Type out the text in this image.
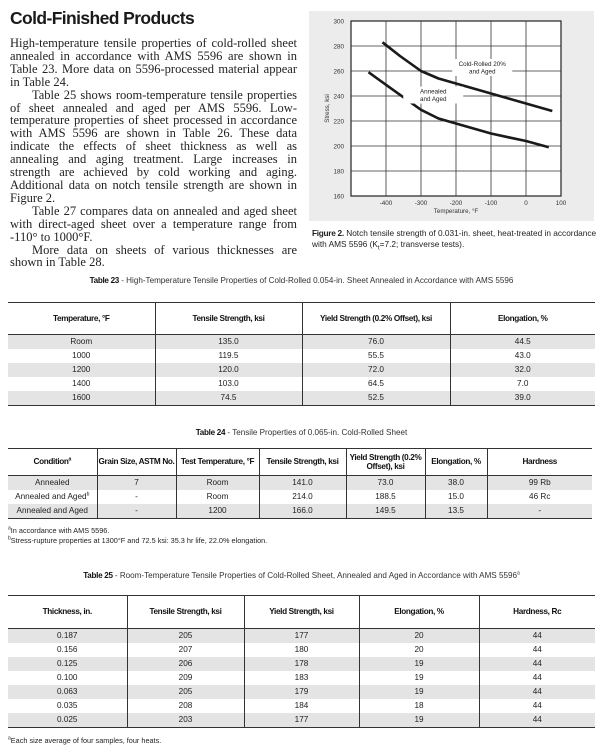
Cold-Finished Products

High-temperature tensile properties of cold-rolled sheet annealed in accordance with AMS 5596 are shown in Table 23. More data on 5596-processed material appear in Table 24.

Table 25 shows room-temperature tensile properties of sheet annealed and aged per AMS 5596. Low-temperature properties of sheet processed in accordance with AMS 5596 are shown in Table 26. These data indicate the effects of sheet thickness as well as annealing and aging treatment. Large increases in strength are achieved by cold working and aging. Additional data on notch tensile strength are shown in Figure 2.

Table 27 compares data on annealed and aged sheet with direct-aged sheet over a temperature range from -110° to 1000°F.

More data on sheets of various thicknesses are shown in Table 28.

160
180
200
220
240
260
280
300
-400	-300	-200	-100	0	100
Temperature, °F
Stress, ksi
Cold-Rolled 20%
and Aged
Annealed
and Aged
Figure 2. Notch tensile strength of 0.031-in. sheet, heat-treated in accordance with AMS 5596 ($K_t=7.2$; transverse tests).
Table 23 - High-Temperature Tensile Properties of Cold-Rolled 0.054-in. Sheet Annealed in Accordance with AMS 5596
Temperature, °F	Tensile Strength, ksi	Yield Strength (0.2% Offset), ksi	Elongation, %
Room	135.0	76.0	44.5
1000	119.5	55.5	43.0
1200	120.0	72.0	32.0
1400	103.0	64.5	7.0
1600	74.5	52.5	39.0
Table 24 - Tensile Properties of 0.065-in. Cold-Rolled Sheet
Condition$^a$	Grain Size, ASTM No.	Test Temperature, °F	Tensile Strength, ksi	Yield Strength (0.2% Offset), ksi	Elongation, %	Hardness
Annealed	7	Room	141.0	73.0	38.0	99 Rb
Annealed and Aged$^b$	-	Room	214.0	188.5	15.0	46 Rc
Annealed and Aged	-	1200	166.0	149.5	13.5	-
$^a$In accordance with AMS 5596.
$^b$Stress-rupture properties at 1300°F and 72.5 ksi: 35.3 hr life, 22.0% elongation.
Table 25 - Room-Temperature Tensile Properties of Cold-Rolled Sheet, Annealed and Aged in Accordance with AMS 5596$^a$
Thickness, in.	Tensile Strength, ksi	Yield Strength, ksi	Elongation, %	Hardness, Rc
0.187	205	177	20	44
0.156	207	180	20	44
0.125	206	178	19	44
0.100	209	183	19	44
0.063	205	179	19	44
0.035	208	184	18	44
0.025	203	177	19	44
$^a$Each size average of four samples, four heats.
